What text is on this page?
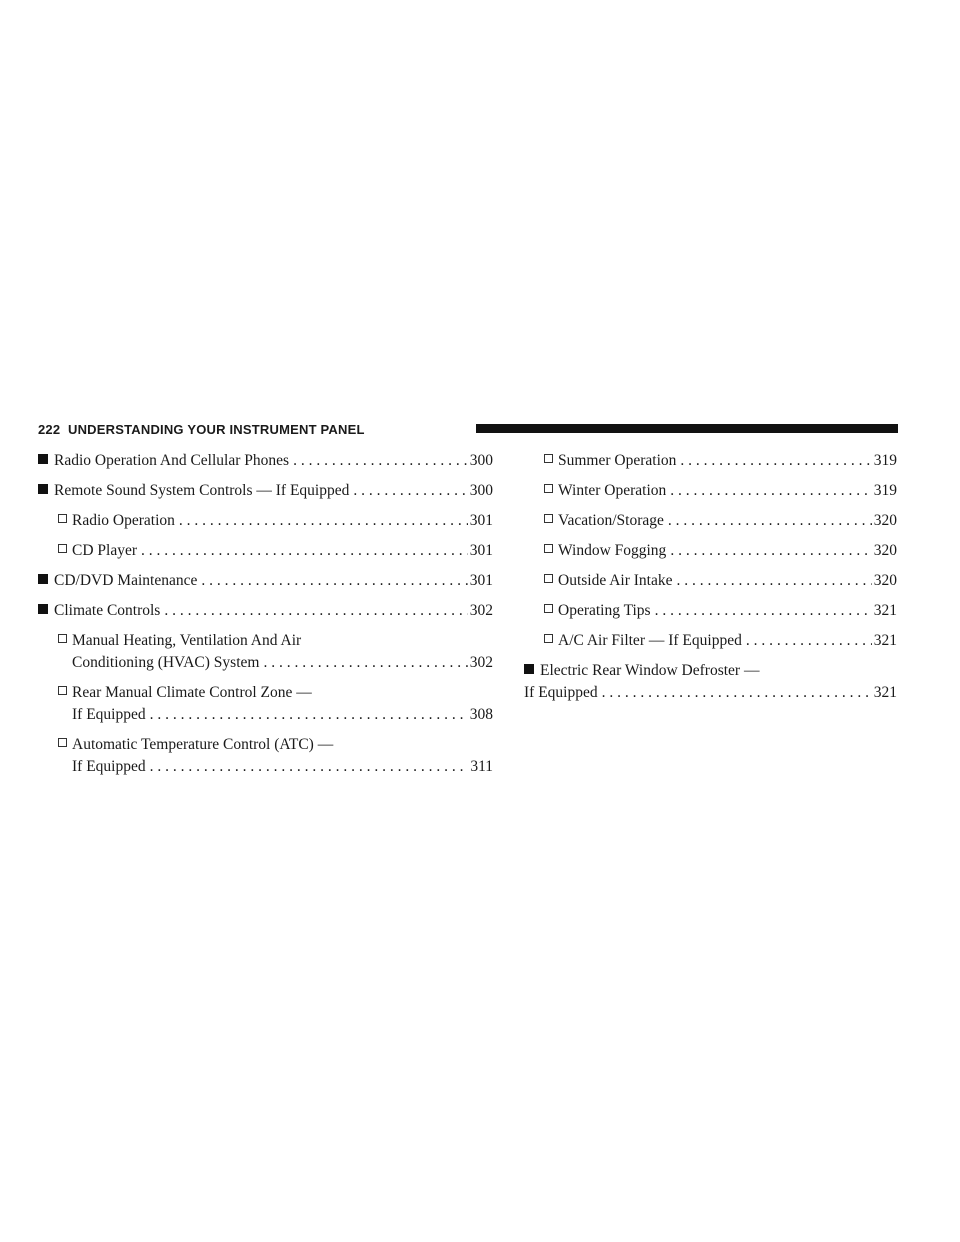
222 UNDERSTANDING YOUR INSTRUMENT PANEL
Radio Operation And Cellular Phones . . .	300
Remote Sound System Controls — If Equipped . . .	300
Radio Operation . . .	301
CD Player . . .	301
CD/DVD Maintenance . . .	301
Climate Controls . . .	302
Manual Heating, Ventilation And Air
Conditioning (HVAC) System . . .	302
Rear Manual Climate Control Zone —
If Equipped . . .	308
Automatic Temperature Control (ATC) —
If Equipped . . .	311
Summer Operation . . .	319
Winter Operation . . .	319
Vacation/Storage . . .	320
Window Fogging . . .	320
Outside Air Intake . . .	320
Operating Tips . . .	321
A/C Air Filter — If Equipped . . .	321
Electric Rear Window Defroster —
If Equipped . . .	321
